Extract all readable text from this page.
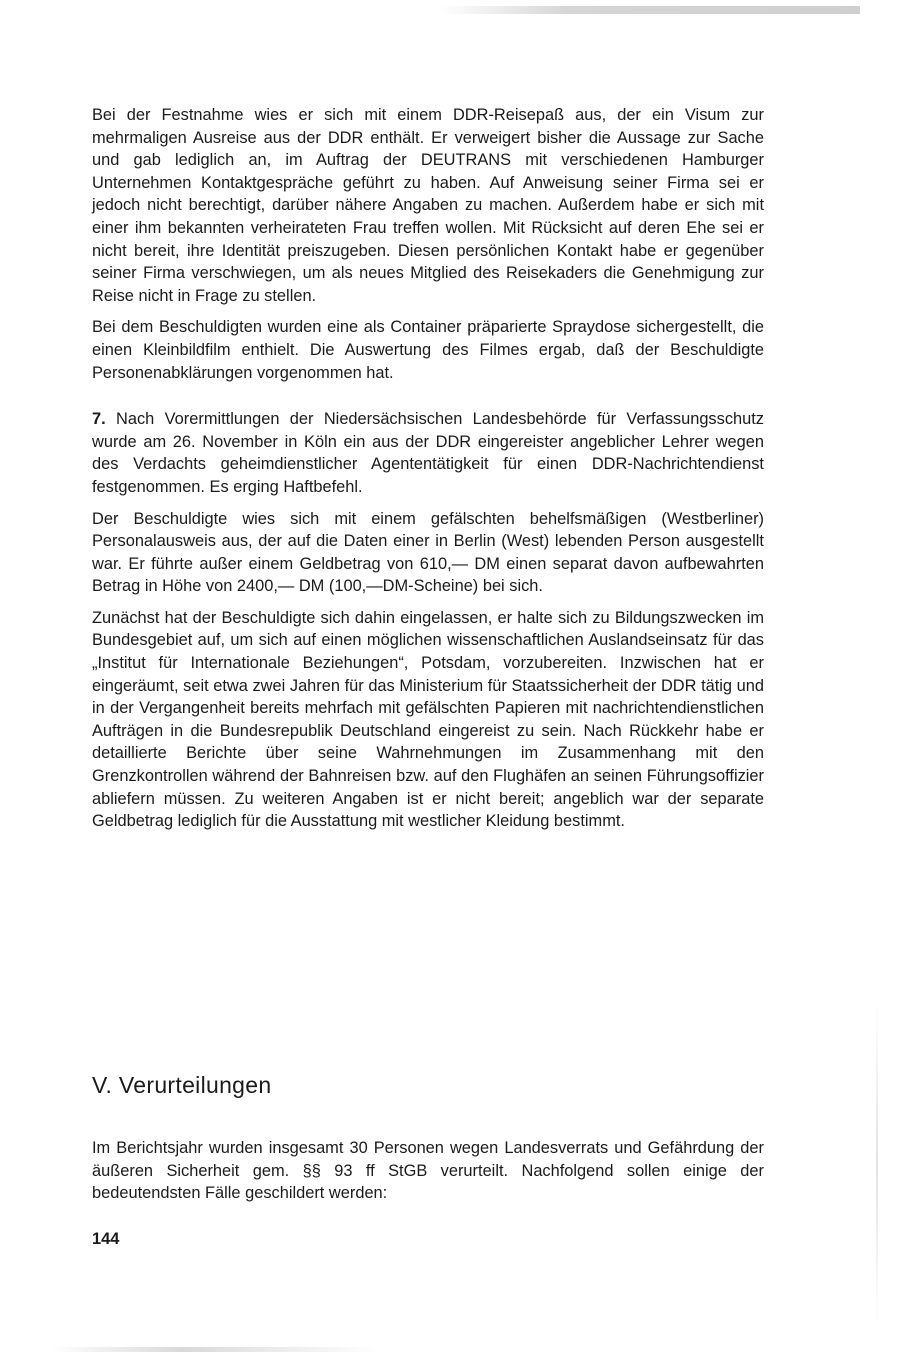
Bei der Festnahme wies er sich mit einem DDR-Reisepaß aus, der ein Visum zur mehrmaligen Ausreise aus der DDR enthält. Er verweigert bisher die Aussage zur Sache und gab lediglich an, im Auftrag der DEUTRANS mit verschiedenen Hamburger Unternehmen Kontaktgespräche geführt zu haben. Auf Anweisung seiner Firma sei er jedoch nicht berechtigt, darüber nähere Angaben zu machen. Außerdem habe er sich mit einer ihm bekannten verheirateten Frau treffen wollen. Mit Rücksicht auf deren Ehe sei er nicht bereit, ihre Identität preiszugeben. Diesen persönlichen Kontakt habe er gegenüber seiner Firma verschwiegen, um als neues Mitglied des Reisekaders die Genehmigung zur Reise nicht in Frage zu stellen.

Bei dem Beschuldigten wurden eine als Container präparierte Spraydose sichergestellt, die einen Kleinbildfilm enthielt. Die Auswertung des Filmes ergab, daß der Beschuldigte Personenabklärungen vorgenommen hat.

7. Nach Vorermittlungen der Niedersächsischen Landesbehörde für Verfassungsschutz wurde am 26. November in Köln ein aus der DDR eingereister angeblicher Lehrer wegen des Verdachts geheimdienstlicher Agententätigkeit für einen DDR-Nachrichtendienst festgenommen. Es erging Haftbefehl.

Der Beschuldigte wies sich mit einem gefälschten behelfsmäßigen (Westberliner) Personalausweis aus, der auf die Daten einer in Berlin (West) lebenden Person ausgestellt war. Er führte außer einem Geldbetrag von 610,— DM einen separat davon aufbewahrten Betrag in Höhe von 2400,— DM (100,—DM-Scheine) bei sich.

Zunächst hat der Beschuldigte sich dahin eingelassen, er halte sich zu Bildungszwecken im Bundesgebiet auf, um sich auf einen möglichen wissenschaftlichen Auslandseinsatz für das „Institut für Internationale Beziehungen“, Potsdam, vorzubereiten. Inzwischen hat er eingeräumt, seit etwa zwei Jahren für das Ministerium für Staatssicherheit der DDR tätig und in der Vergangenheit bereits mehrfach mit gefälschten Papieren mit nachrichtendienstlichen Aufträgen in die Bundesrepublik Deutschland eingereist zu sein. Nach Rückkehr habe er detaillierte Berichte über seine Wahrnehmungen im Zusammenhang mit den Grenzkontrollen während der Bahnreisen bzw. auf den Flughäfen an seinen Führungsoffizier abliefern müssen. Zu weiteren Angaben ist er nicht bereit; angeblich war der separate Geldbetrag lediglich für die Ausstattung mit westlicher Kleidung bestimmt.

V. Verurteilungen

Im Berichtsjahr wurden insgesamt 30 Personen wegen Landesverrats und Gefährdung der äußeren Sicherheit gem. §§ 93 ff StGB verurteilt. Nachfolgend sollen einige der bedeutendsten Fälle geschildert werden:

144
